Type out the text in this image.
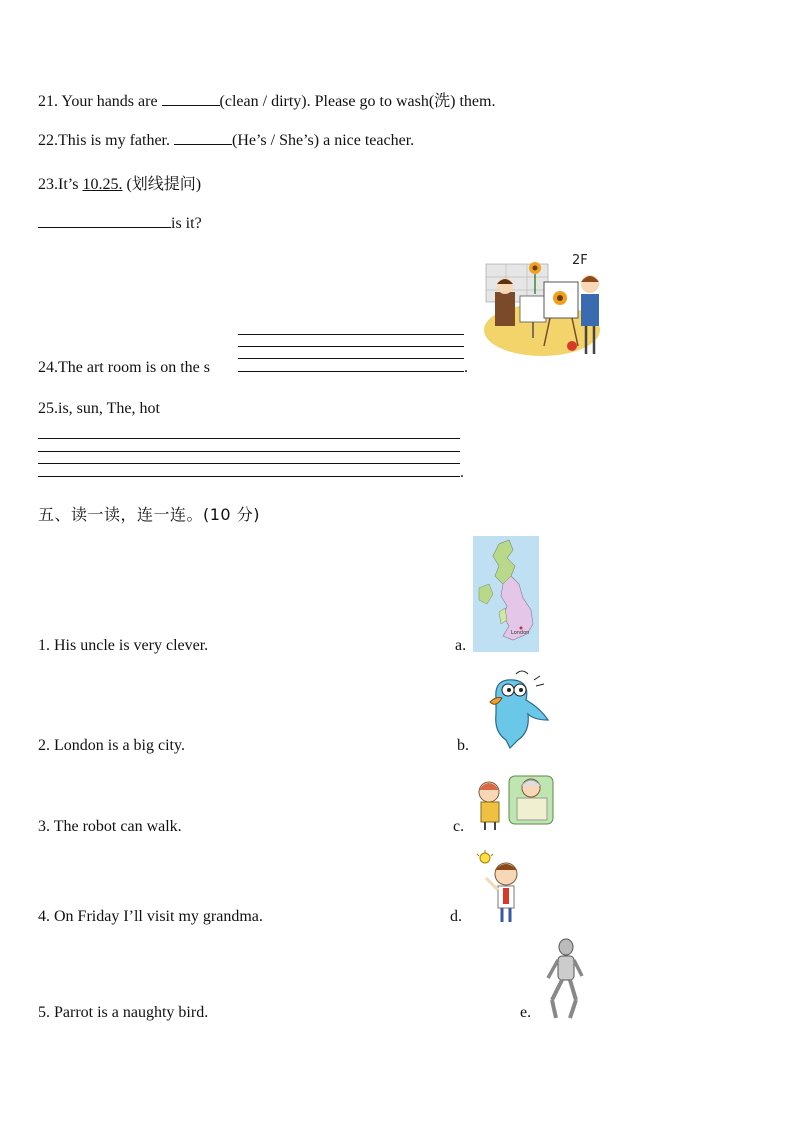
21. Your hands are	(clean / dirty). Please go to wash(洗) them.
22.This is my father.	(He’s / She’s) a nice teacher.
23.It’s 10.25. (划线提问)
is it?
2F
24.The art room is on the s	.
25.is, sun, The, hot
.
五、读一读，连一连。(10 分)
1. His uncle is very clever.
2. London is a big city.
3. The robot can walk.
4. On Friday I’ll visit my grandma.
5. Parrot is a naughty bird.
a.
b.
c.
d.
e.
London
